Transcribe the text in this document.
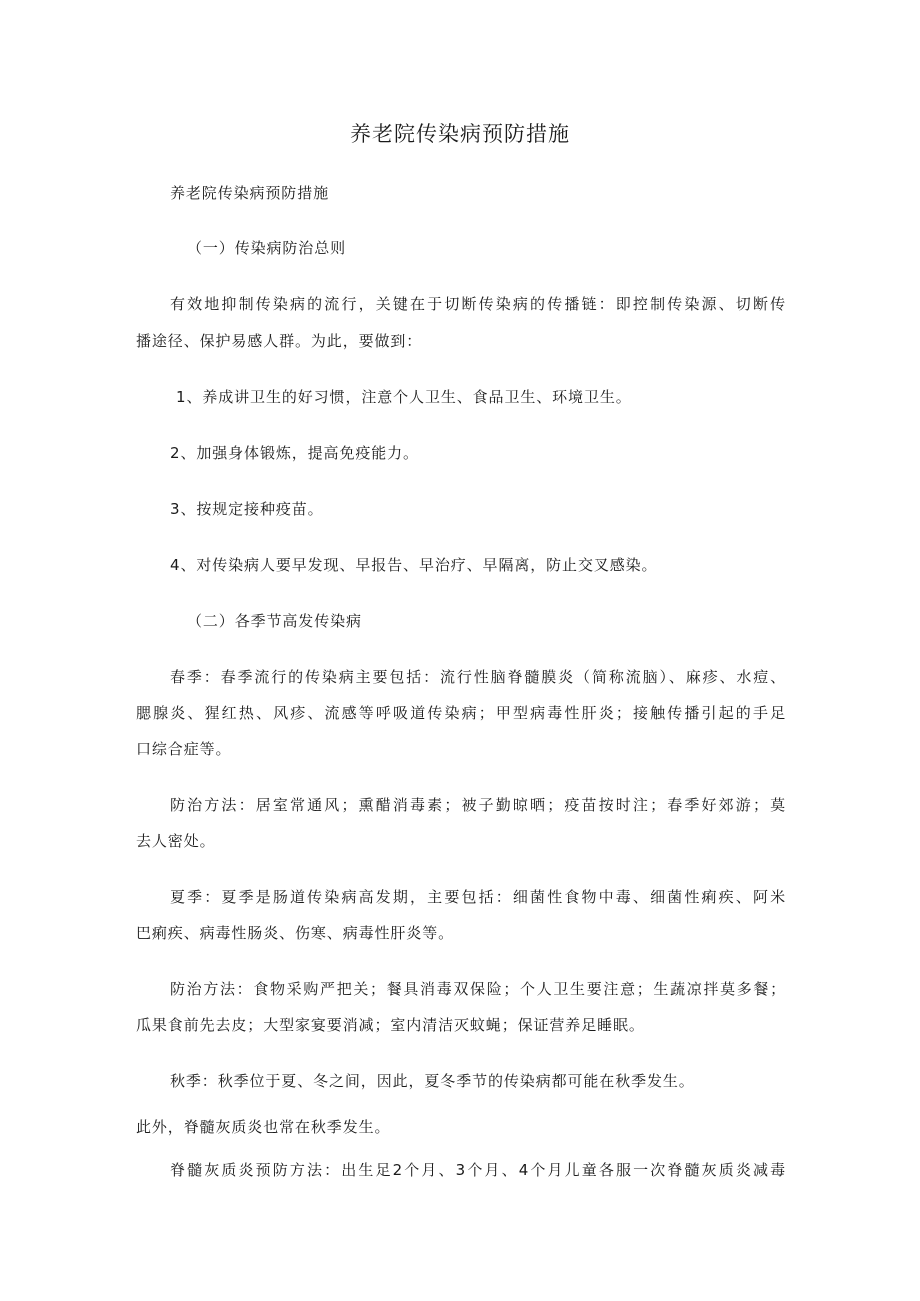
养老院传染病预防措施
养老院传染病预防措施
（一）传染病防治总则
有效地抑制传染病的流行，关键在于切断传染病的传播链：即控制传染源、切断传
播途径、保护易感人群。为此，要做到：
1、养成讲卫生的好习惯，注意个人卫生、食品卫生、环境卫生。
2、加强身体锻炼，提高免疫能力。
3、按规定接种疫苗。
4、对传染病人要早发现、早报告、早治疗、早隔离，防止交叉感染。
（二）各季节高发传染病
春季：春季流行的传染病主要包括：流行性脑脊髓膜炎（简称流脑）、麻疹、水痘、
腮腺炎、猩红热、风疹、流感等呼吸道传染病；甲型病毒性肝炎；接触传播引起的手足
口综合症等。
防治方法：居室常通风；熏醋消毒素；被子勤晾晒；疫苗按时注；春季好郊游；莫
去人密处。
夏季：夏季是肠道传染病高发期，主要包括：细菌性食物中毒、细菌性痢疾、阿米
巴痢疾、病毒性肠炎、伤寒、病毒性肝炎等。
防治方法：食物采购严把关；餐具消毒双保险；个人卫生要注意；生蔬凉拌莫多餐；
瓜果食前先去皮；大型家宴要消减；室内清洁灭蚊蝇；保证营养足睡眠。
秋季：秋季位于夏、冬之间，因此，夏冬季节的传染病都可能在秋季发生。
此外，脊髓灰质炎也常在秋季发生。
脊髓灰质炎预防方法：出生足2个月、3个月、4个月儿童各服一次脊髓灰质炎减毒
